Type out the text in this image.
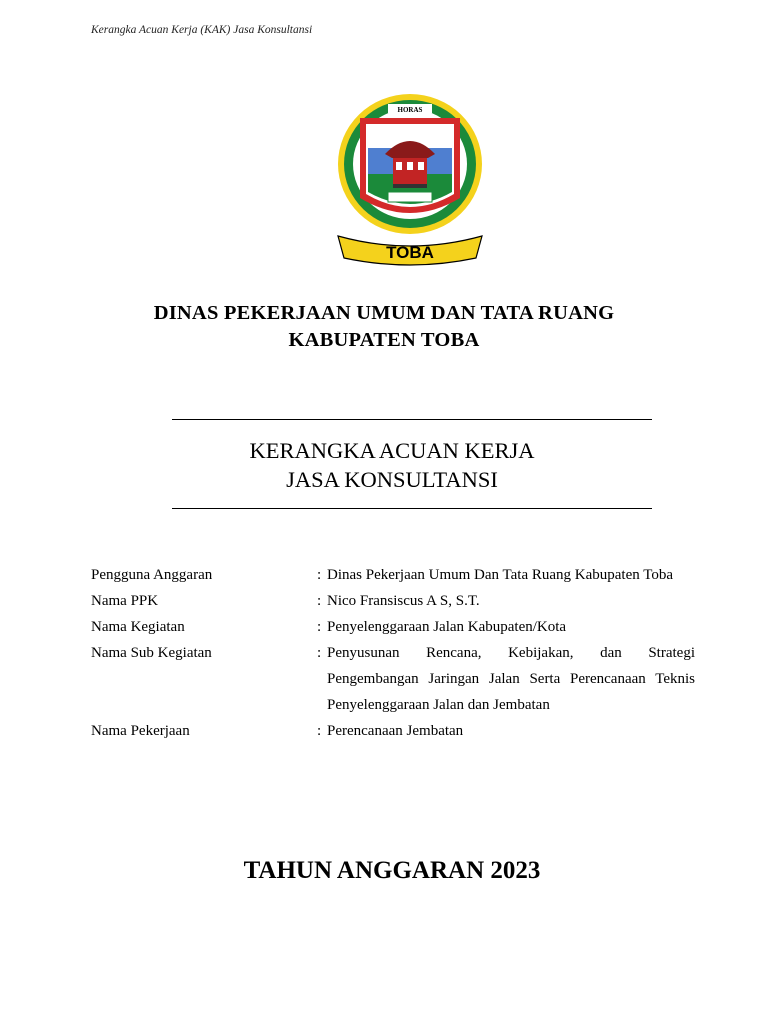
Kerangka Acuan Kerja (KAK) Jasa Konsultansi
HORAS
TOBA
DINAS PEKERJAAN UMUM DAN TATA RUANG
KABUPATEN TOBA
KERANGKA ACUAN KERJA
JASA KONSULTANSI
Pengguna Anggaran	: Dinas Pekerjaan Umum Dan Tata Ruang Kabupaten Toba
Nama PPK	: Nico Fransiscus A S, S.T.
Nama Kegiatan	: Penyelenggaraan Jalan Kabupaten/Kota
Nama Sub Kegiatan	: Penyusunan Rencana, Kebijakan, dan Strategi Pengembangan Jaringan Jalan Serta Perencanaan Teknis Penyelenggaraan Jalan dan Jembatan
Nama Pekerjaan	: Perencanaan Jembatan
TAHUN ANGGARAN 2023
